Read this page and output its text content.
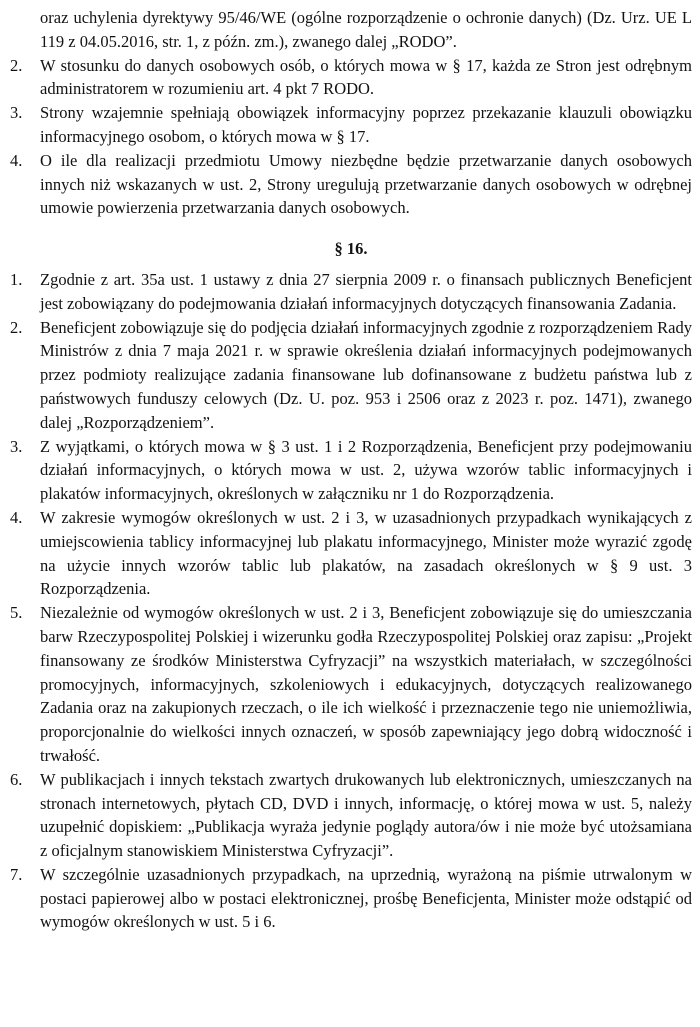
oraz uchylenia dyrektywy 95/46/WE (ogólne rozporządzenie o ochronie danych) (Dz. Urz. UE L 119 z 04.05.2016, str. 1, z późn. zm.), zwanego dalej „RODO”.

2.	W stosunku do danych osobowych osób, o których mowa w § 17, każda ze Stron jest odrębnym administratorem w rozumieniu art. 4 pkt 7 RODO.
3.	Strony wzajemnie spełniają obowiązek informacyjny poprzez przekazanie klauzuli obowiązku informacyjnego osobom, o których mowa w § 17.
4.	O ile dla realizacji przedmiotu Umowy niezbędne będzie przetwarzanie danych osobowych innych niż wskazanych w ust. 2, Strony uregulują przetwarzanie danych osobowych w odrębnej umowie powierzenia przetwarzania danych osobowych.
§ 16.
1.	Zgodnie z art. 35a ust. 1 ustawy z dnia 27 sierpnia 2009 r. o finansach publicznych Beneficjent jest zobowiązany do podejmowania działań informacyjnych dotyczących finansowania Zadania.
2.	Beneficjent zobowiązuje się do podjęcia działań informacyjnych zgodnie z rozporządzeniem Rady Ministrów z dnia 7 maja 2021 r. w sprawie określenia działań informacyjnych podejmowanych przez podmioty realizujące zadania finansowane lub dofinansowane z budżetu państwa lub z państwowych funduszy celowych (Dz. U. poz. 953 i 2506 oraz z 2023 r. poz. 1471), zwanego dalej „Rozporządzeniem”.
3.	Z wyjątkami, o których mowa w § 3 ust. 1 i 2 Rozporządzenia, Beneficjent przy podejmowaniu działań informacyjnych, o których mowa w ust. 2, używa wzorów tablic informacyjnych i plakatów informacyjnych, określonych w załączniku nr 1 do Rozporządzenia.
4.	W zakresie wymogów określonych w ust. 2 i 3, w uzasadnionych przypadkach wynikających z umiejscowienia tablicy informacyjnej lub plakatu informacyjnego, Minister może wyrazić zgodę na użycie innych wzorów tablic lub plakatów, na zasadach określonych w § 9 ust. 3 Rozporządzenia.
5.	Niezależnie od wymogów określonych w ust. 2 i 3, Beneficjent zobowiązuje się do umieszczania barw Rzeczypospolitej Polskiej i wizerunku godła Rzeczypospolitej Polskiej oraz zapisu: „Projekt finansowany ze środków Ministerstwa Cyfryzacji” na wszystkich materiałach, w szczególności promocyjnych, informacyjnych, szkoleniowych i edukacyjnych, dotyczących realizowanego Zadania oraz na zakupionych rzeczach, o ile ich wielkość i przeznaczenie tego nie uniemożliwia, proporcjonalnie do wielkości innych oznaczeń, w sposób zapewniający jego dobrą widoczność i trwałość.
6.	W publikacjach i innych tekstach zwartych drukowanych lub elektronicznych, umieszczanych na stronach internetowych, płytach CD, DVD i innych, informację, o której mowa w ust. 5, należy uzupełnić dopiskiem: „Publikacja wyraża jedynie poglądy autora/ów i nie może być utożsamiana z oficjalnym stanowiskiem Ministerstwa Cyfryzacji”.
7.	W szczególnie uzasadnionych przypadkach, na uprzednią, wyrażoną na piśmie utrwalonym w postaci papierowej albo w postaci elektronicznej, prośbę Beneficjenta, Minister może odstąpić od wymogów określonych w ust. 5 i 6.
